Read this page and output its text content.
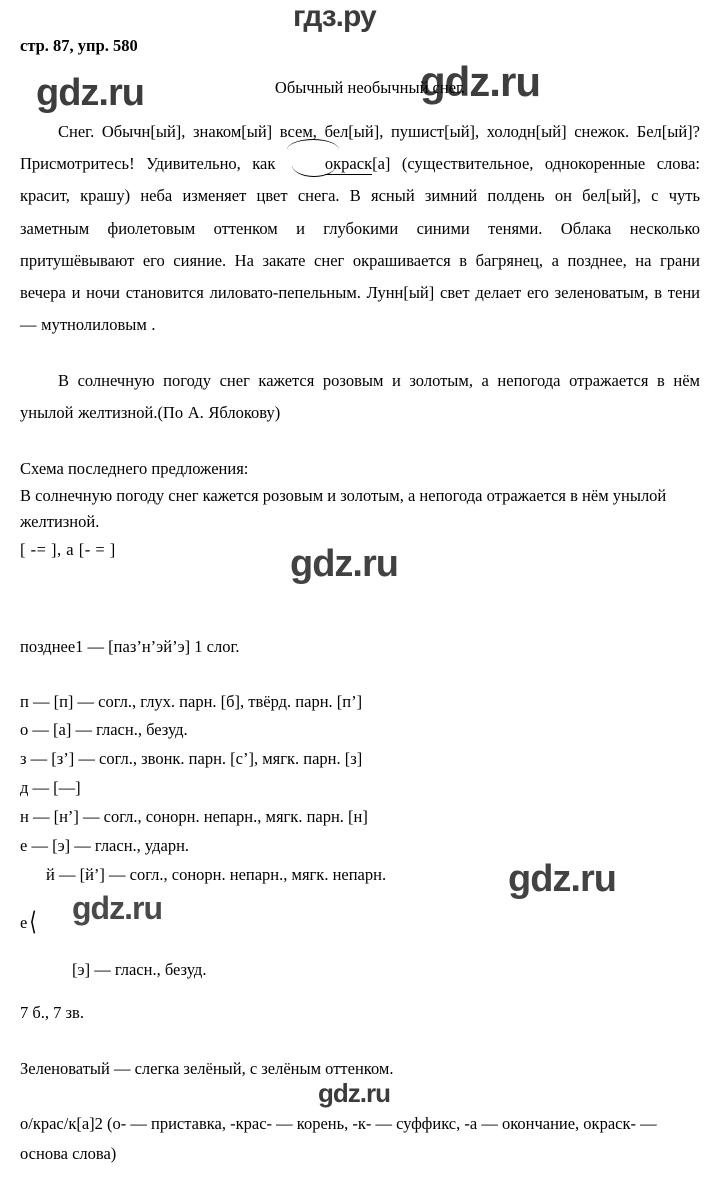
гдз.ру
gdz.ru	gdz.ru
gdz.ru
gdz.ru
gdz.ru
gdz.ru
стр. 87, упр. 580
Обычный необычный снег.

Снег. Обычн[ый], знаком[ый] всем, бел[ый], пушист[ый], холодн[ый] снежок. Бел[ый]? Присмотритесь! Удивительно, как
окраск
[а] (существительное, однокоренные слова: красит, крашу) неба изменяет цвет снега. В ясный зимний полдень он бел[ый], с чуть заметным фиолетовым оттенком и глубокими синими тенями. Облака несколько притушёвывают его сияние. На закате снег окрашивается в багрянец, а позднее, на грани вечера и ночи становится лиловато-пепельным. Лунн[ый] свет делает его зеленоватым, в тени — мутнолиловым .

В солнечную погоду снег кажется розовым и золотым, а непогода отражается в нём унылой желтизной.(По А. Яблокову)

Схема последнего предложения:

В солнечную погоду снег кажется розовым и золотым, а непогода отражается в нём унылой желтизной.

[ -= ], а [- = ]

позднее1 — [паз’н’эй’э] 1 слог.

п — [п] — согл., глух. парн. [б], твёрд. парн. [п’]

о — [а] — гласн., безуд.

з — [з’] — согл., звонк. парн. [с’], мягк. парн. [з]

д — [—]

н — [н’] — согл., сонорн. непарн., мягк. парн. [н]

е — [э] — гласн., ударн.

й — [й’] — согл., сонорн. непарн., мягк. непарн.

е ⟨

[э] — гласн., безуд.

7 б., 7 зв.

Зеленоватый — слегка зелёный, с зелёным оттенком.

о/крас/к[а]2 (о- — приставка, -крас- — корень, -к- — суффикс, -а — окончание, окраск- — основа слова)
